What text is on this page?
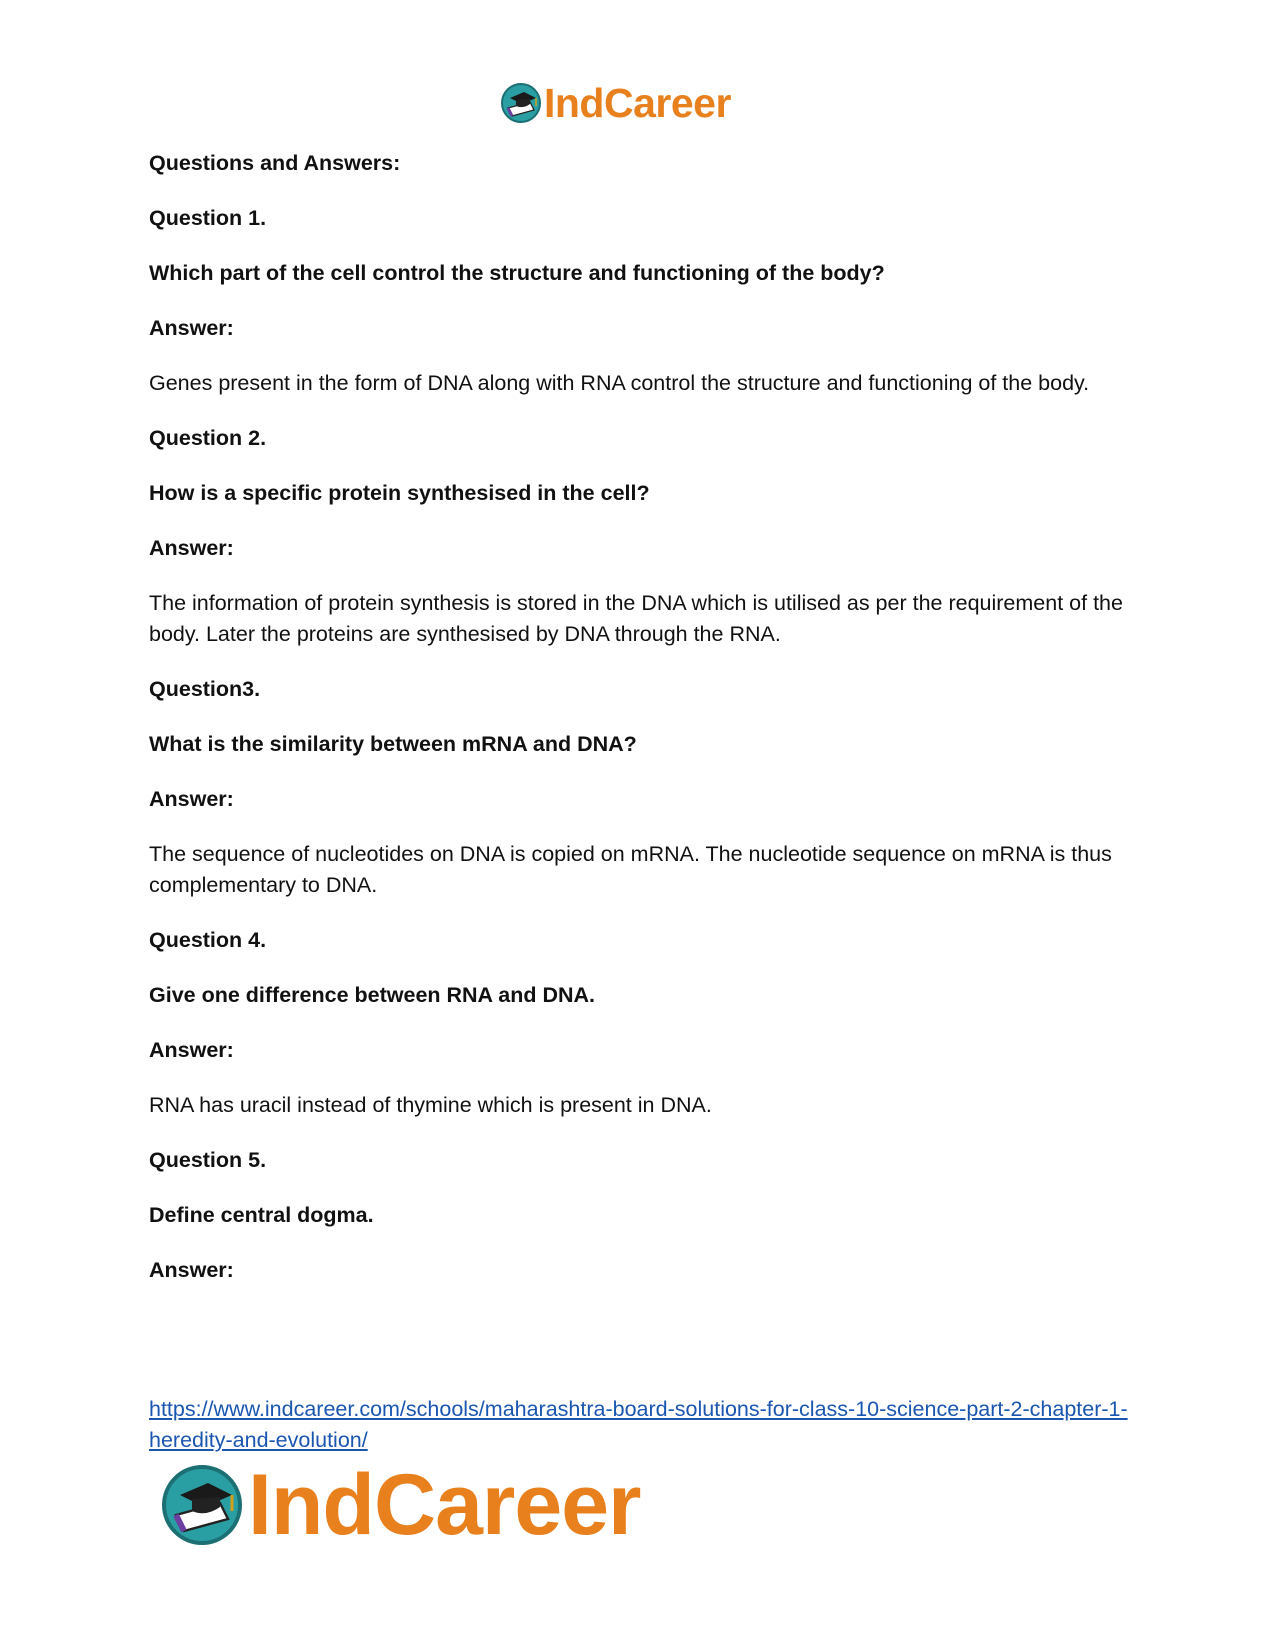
IndCareer

Questions and Answers:

Question 1.

Which part of the cell control the structure and functioning of the body?

Answer:

Genes present in the form of DNA along with RNA control the structure and functioning of the body.

Question 2.

How is a specific protein synthesised in the cell?

Answer:

The information of protein synthesis is stored in the DNA which is utilised as per the requirement of the body. Later the proteins are synthesised by DNA through the RNA.

Question3.

What is the similarity between mRNA and DNA?

Answer:

The sequence of nucleotides on DNA is copied on mRNA. The nucleotide sequence on mRNA is thus complementary to DNA.

Question 4.

Give one difference between RNA and DNA.

Answer:

RNA has uracil instead of thymine which is present in DNA.

Question 5.

Define central dogma.

Answer:

https://www.indcareer.com/schools/maharashtra-board-solutions-for-class-10-science-part-2-chapter-1-heredity-and-evolution/
IndCareer
